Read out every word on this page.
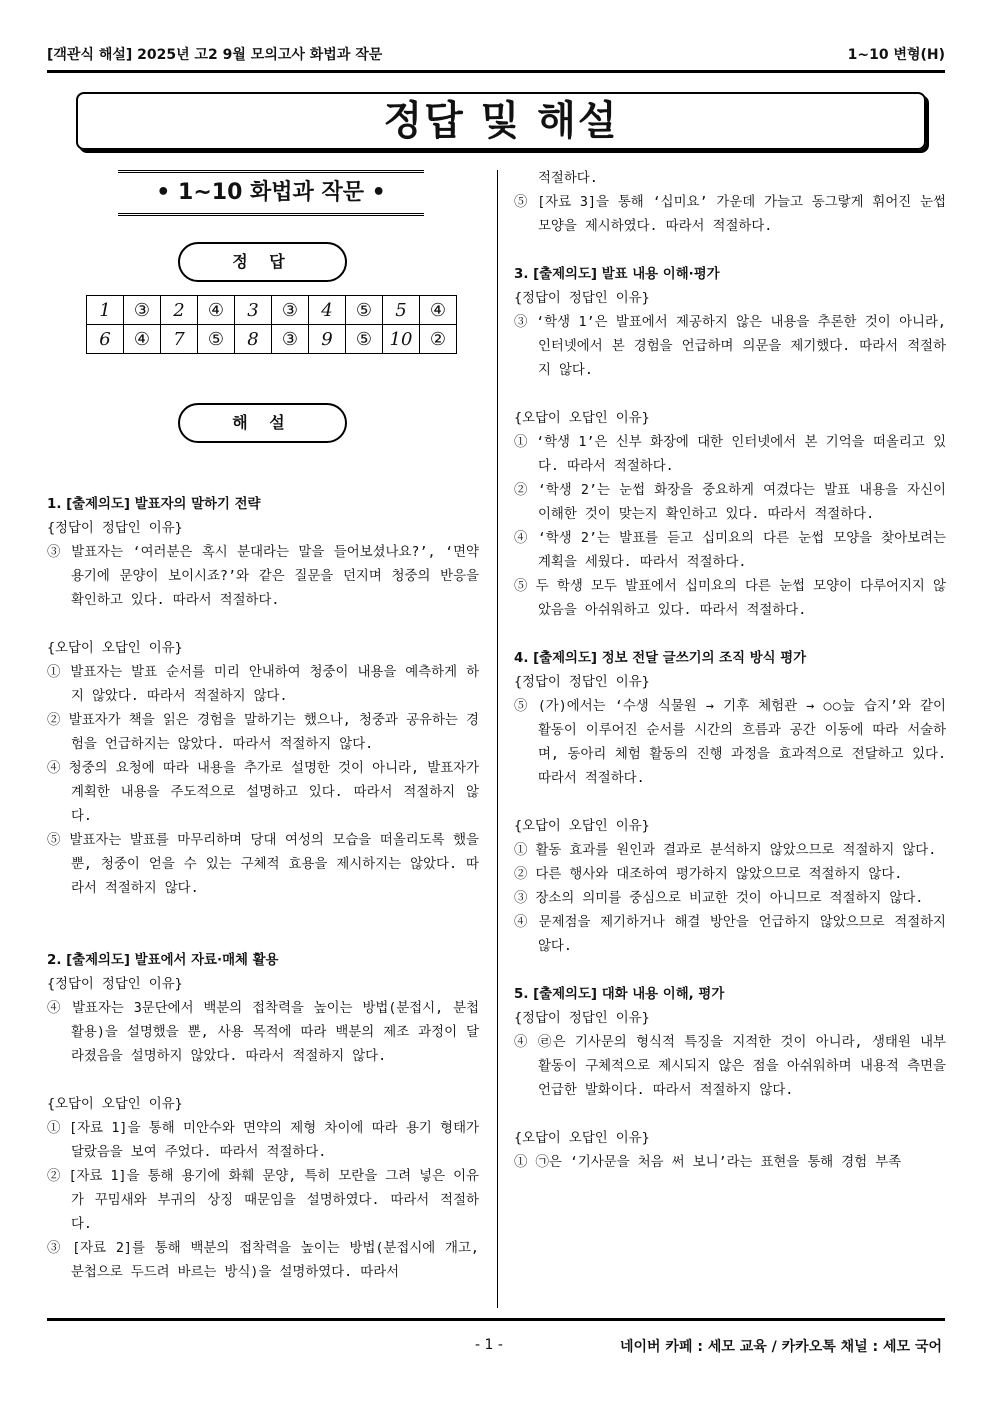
[객관식 해설] 2025년 고2 9월 모의고사 화법과 작문	1~10 변형(H)
정답 및 해설
• 1~10 화법과 작문 •
정 답
1	③	2	④	3	③	4	⑤	5	④
6	④	7	⑤	8	③	9	⑤	10	②
해 설
1. [출제의도] 발표자의 말하기 전략
{정답이 정답인 이유}
③ 발표자는 ‘여러분은 혹시 분대라는 말을 들어보셨나요?’, ‘면약 용기에 문양이 보이시죠?’와 같은 질문을 던지며 청중의 반응을 확인하고 있다. 따라서 적절하다.
{오답이 오답인 이유}
① 발표자는 발표 순서를 미리 안내하여 청중이 내용을 예측하게 하지 않았다. 따라서 적절하지 않다.
② 발표자가 책을 읽은 경험을 말하기는 했으나, 청중과 공유하는 경험을 언급하지는 않았다. 따라서 적절하지 않다.
④ 청중의 요청에 따라 내용을 추가로 설명한 것이 아니라, 발표자가 계획한 내용을 주도적으로 설명하고 있다. 따라서 적절하지 않다.
⑤ 발표자는 발표를 마무리하며 당대 여성의 모습을 떠올리도록 했을 뿐, 청중이 얻을 수 있는 구체적 효용을 제시하지는 않았다. 따라서 적절하지 않다.
2. [출제의도] 발표에서 자료·매체 활용
{정답이 정답인 이유}
④ 발표자는 3문단에서 백분의 접착력을 높이는 방법(분접시, 분첩 활용)을 설명했을 뿐, 사용 목적에 따라 백분의 제조 과정이 달라졌음을 설명하지 않았다. 따라서 적절하지 않다.
{오답이 오답인 이유}
① [자료 1]을 통해 미안수와 면약의 제형 차이에 따라 용기 형태가 달랐음을 보여 주었다. 따라서 적절하다.
② [자료 1]을 통해 용기에 화훼 문양, 특히 모란을 그려 넣은 이유가 꾸밈새와 부귀의 상징 때문임을 설명하였다. 따라서 적절하다.
③ [자료 2]를 통해 백분의 접착력을 높이는 방법(분접시에 개고, 분첩으로 두드려 바르는 방식)을 설명하였다. 따라서
적절하다.
⑤ [자료 3]을 통해 ‘십미요’ 가운데 가늘고 동그랗게 휘어진 눈썹 모양을 제시하였다. 따라서 적절하다.
3. [출제의도] 발표 내용 이해·평가
{정답이 정답인 이유}
③ ‘학생 1’은 발표에서 제공하지 않은 내용을 추론한 것이 아니라, 인터넷에서 본 경험을 언급하며 의문을 제기했다. 따라서 적절하지 않다.
{오답이 오답인 이유}
① ‘학생 1’은 신부 화장에 대한 인터넷에서 본 기억을 떠올리고 있다. 따라서 적절하다.
② ‘학생 2’는 눈썹 화장을 중요하게 여겼다는 발표 내용을 자신이 이해한 것이 맞는지 확인하고 있다. 따라서 적절하다.
④ ‘학생 2’는 발표를 듣고 십미요의 다른 눈썹 모양을 찾아보려는 계획을 세웠다. 따라서 적절하다.
⑤ 두 학생 모두 발표에서 십미요의 다른 눈썹 모양이 다루어지지 않았음을 아쉬워하고 있다. 따라서 적절하다.
4. [출제의도] 정보 전달 글쓰기의 조직 방식 평가
{정답이 정답인 이유}
⑤ (가)에서는 ‘수생 식물원 → 기후 체험관 → ○○늪 습지’와 같이 활동이 이루어진 순서를 시간의 흐름과 공간 이동에 따라 서술하며, 동아리 체험 활동의 진행 과정을 효과적으로 전달하고 있다. 따라서 적절하다.
{오답이 오답인 이유}
① 활동 효과를 원인과 결과로 분석하지 않았으므로 적절하지 않다.
② 다른 행사와 대조하여 평가하지 않았으므로 적절하지 않다.
③ 장소의 의미를 중심으로 비교한 것이 아니므로 적절하지 않다.
④ 문제점을 제기하거나 해결 방안을 언급하지 않았으므로 적절하지 않다.
5. [출제의도] 대화 내용 이해, 평가
{정답이 정답인 이유}
④ ㉣은 기사문의 형식적 특징을 지적한 것이 아니라, 생태원 내부 활동이 구체적으로 제시되지 않은 점을 아쉬워하며 내용적 측면을 언급한 발화이다. 따라서 적절하지 않다.
{오답이 오답인 이유}
① ㉠은 ‘기사문을 처음 써 보니’라는 표현을 통해 경험 부족
- 1 -	네이버 카페 : 세모 교육 / 카카오톡 채널 : 세모 국어
